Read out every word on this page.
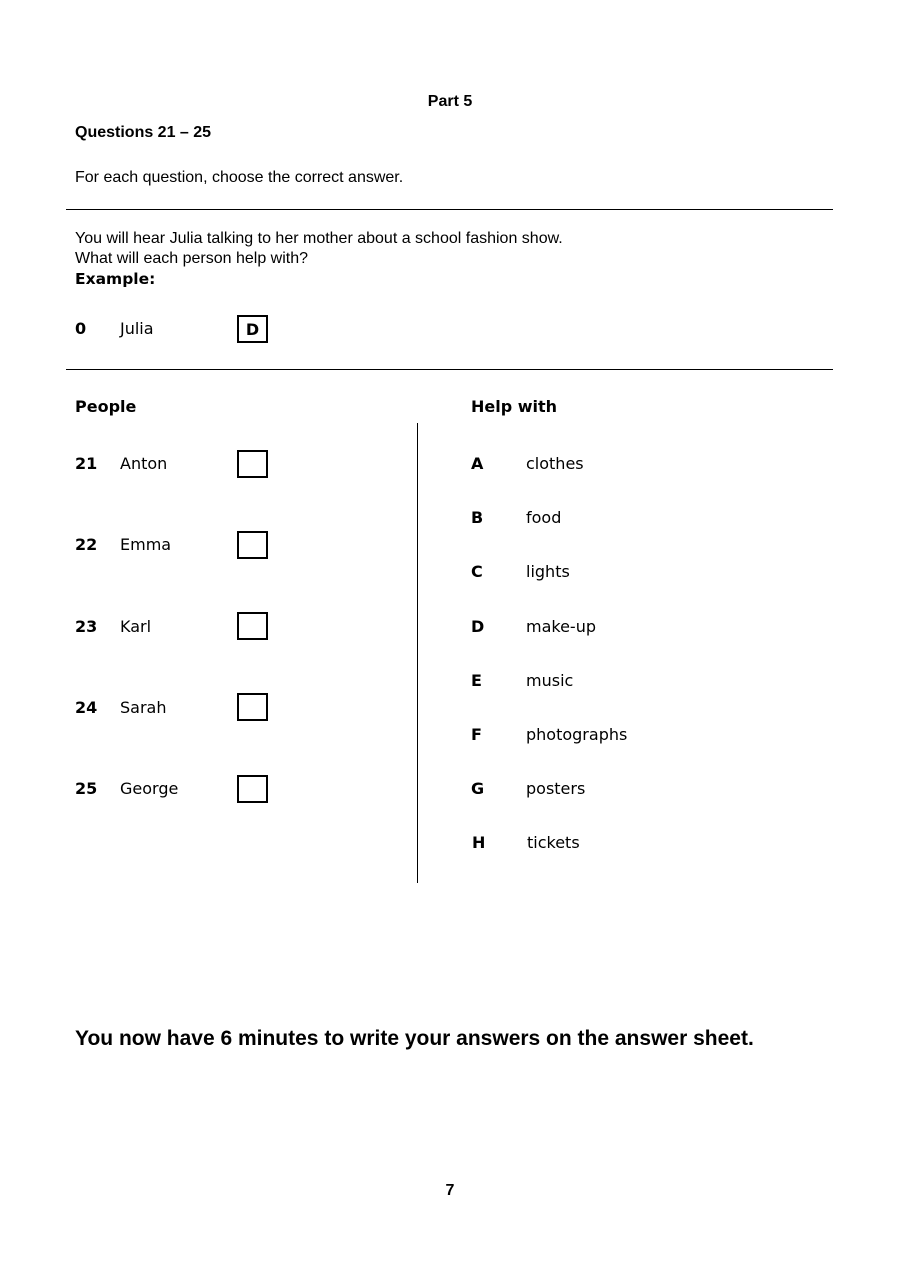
Part 5
Questions 21 – 25
For each question, choose the correct answer.
You will hear Julia talking to her mother about a school fashion show.
What will each person help with?
Example:
0 Julia	D
People	Help with
21 Anton
22 Emma
23 Karl
24 Sarah
25 George
A	clothes
B	food
C	lights
D	make-up
E	music
F	photographs
G	posters
H	tickets
You now have 6 minutes to write your answers on the answer sheet.
7
